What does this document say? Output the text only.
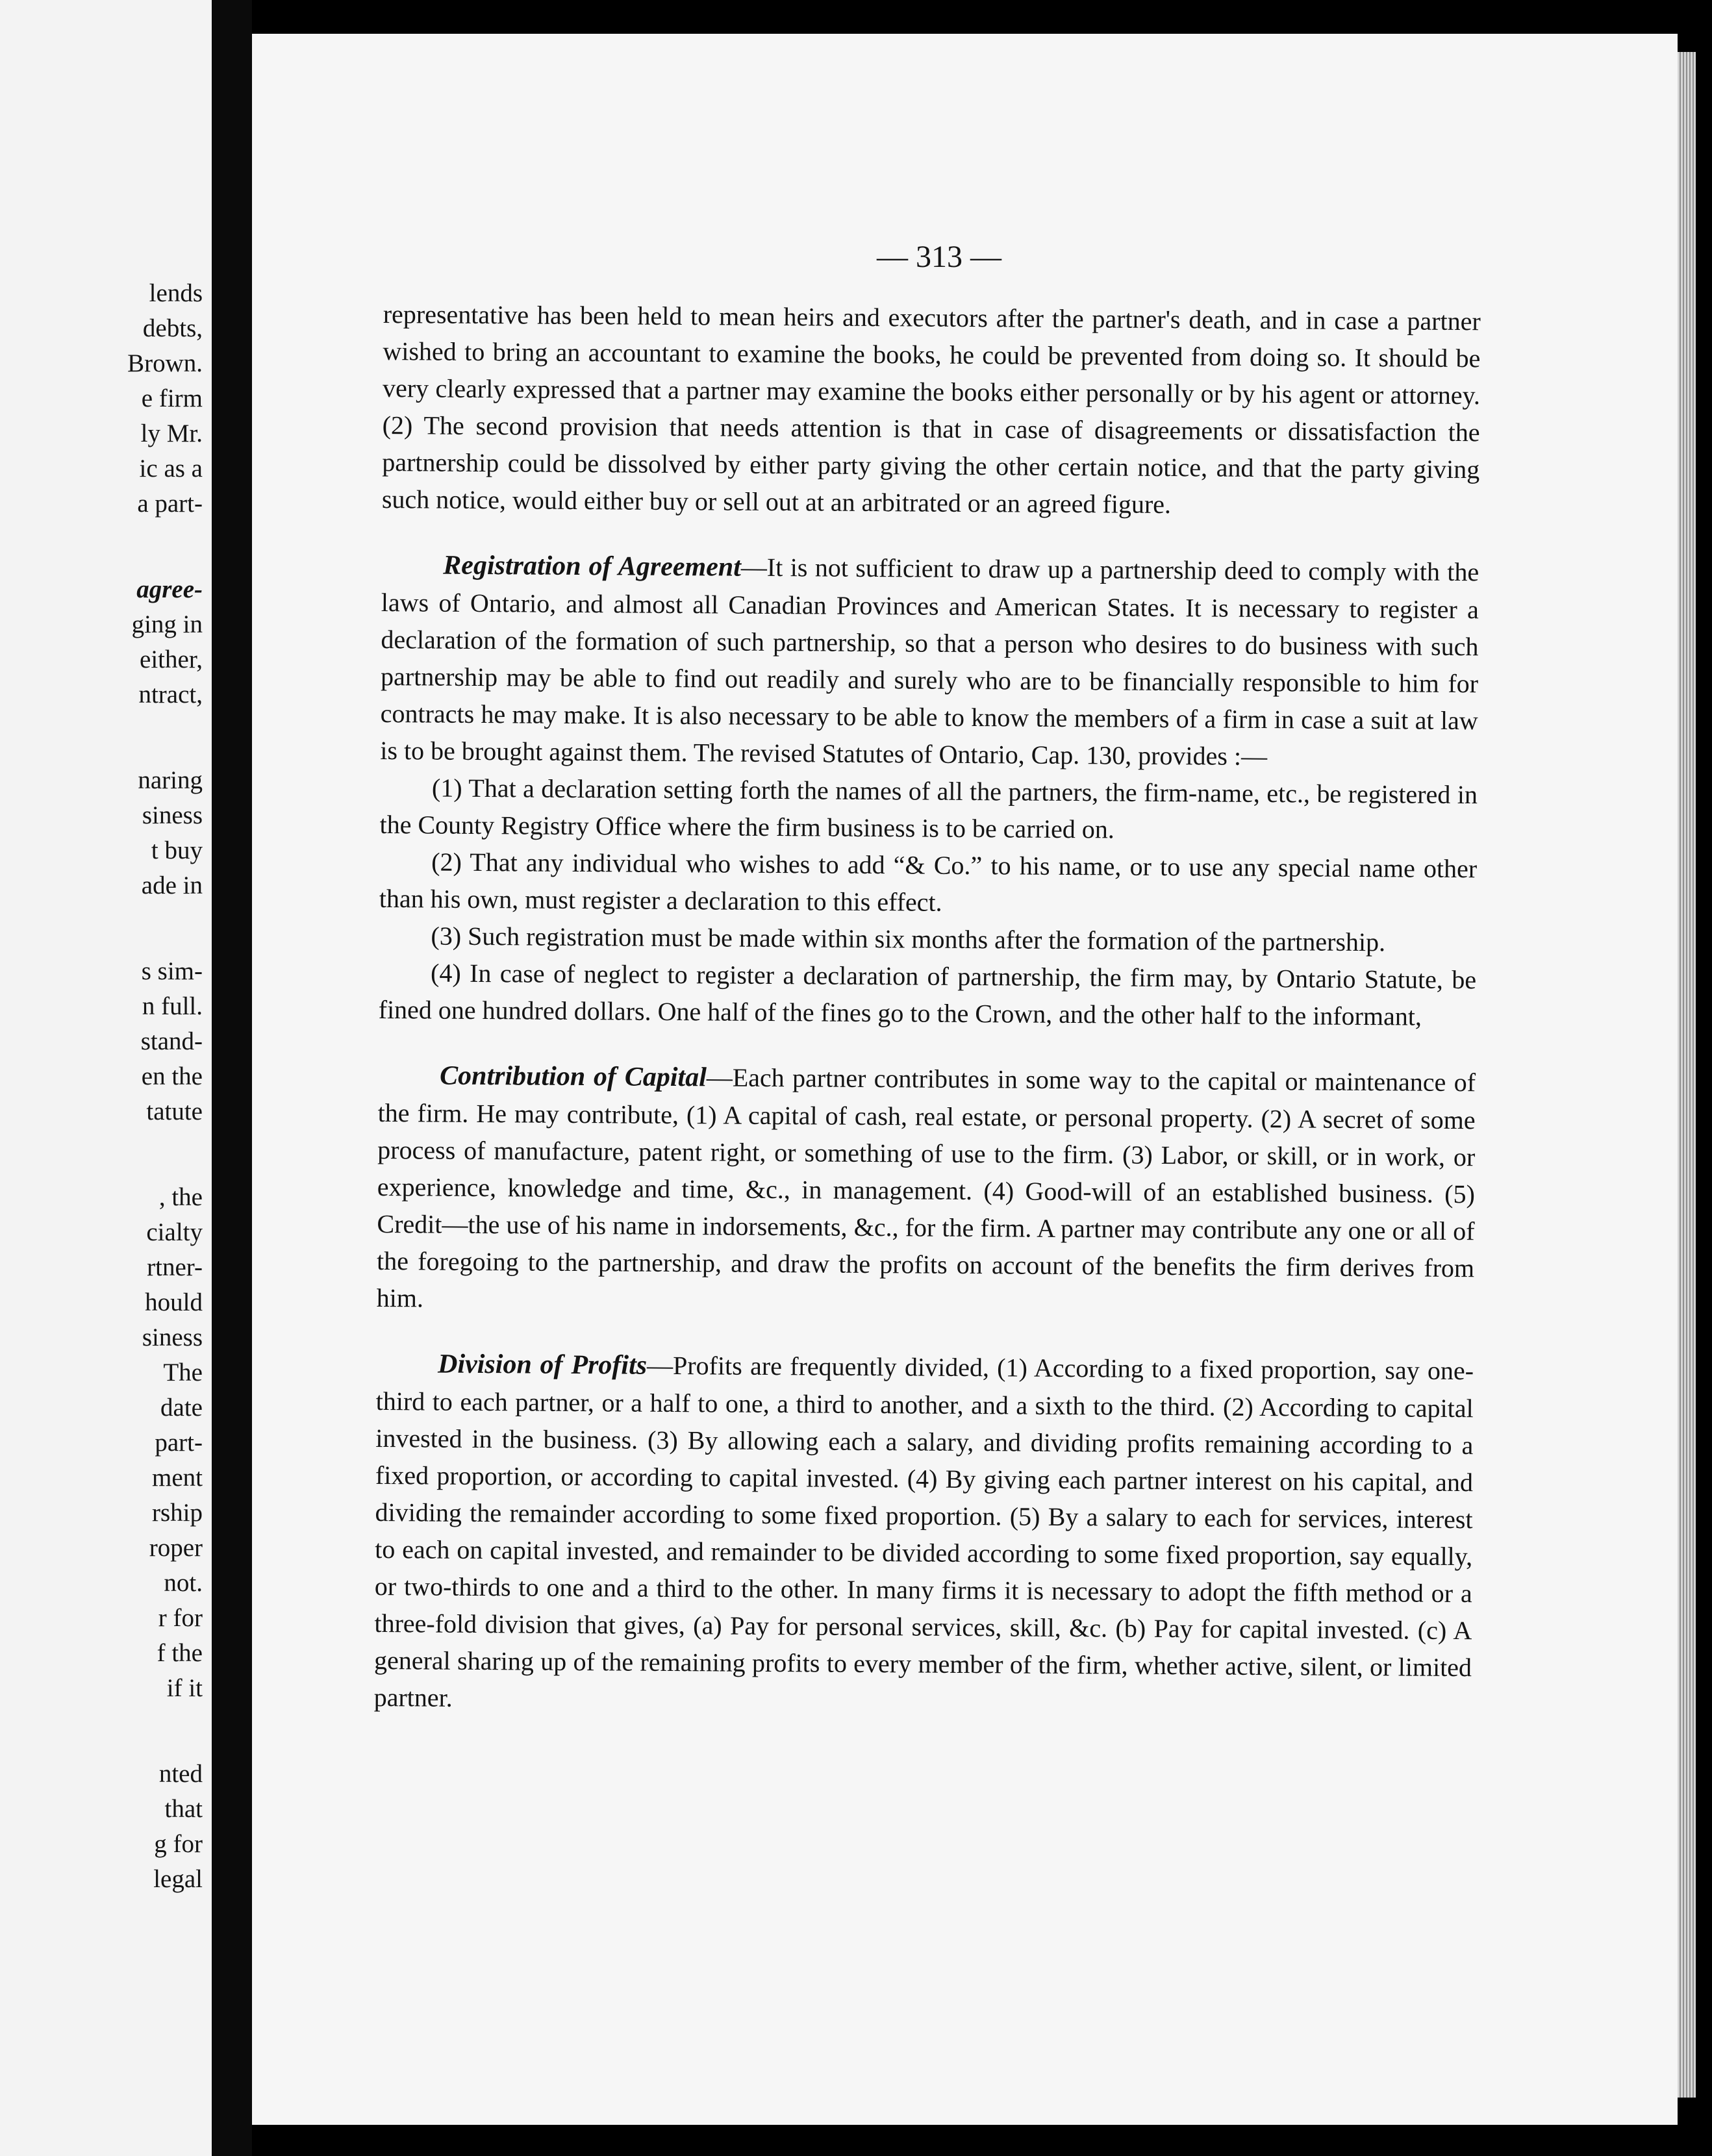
lends
debts,
Brown.
e firm
ly Mr.
ic as a
a part-
agree-
ging in
either,
ntract,
naring
siness
t buy
ade in
s sim-
n full.
stand-
en the
tatute
, the
cialty
rtner-
hould
siness
The
date
part-
ment
rship
roper
not.
r for
f the
if it
nted
that
g for
legal
— 313 —

representative has been held to mean heirs and executors after the partner's death, and in case a partner wished to bring an accountant to examine the books, he could be prevented from doing so. It should be very clearly expressed that a partner may examine the books either personally or by his agent or attorney. (2) The second provision that needs attention is that in case of disagreements or dissatisfaction the partnership could be dissolved by either party giving the other certain notice, and that the party giving such notice, would either buy or sell out at an arbitrated or an agreed figure.

Registration of Agreement—It is not sufficient to draw up a partnership deed to comply with the laws of Ontario, and almost all Canadian Provinces and American States. It is necessary to register a declaration of the formation of such partnership, so that a person who desires to do business with such partnership may be able to find out readily and surely who are to be financially responsible to him for contracts he may make. It is also necessary to be able to know the members of a firm in case a suit at law is to be brought against them. The revised Statutes of Ontario, Cap. 130, provides :—

(1) That a declaration setting forth the names of all the partners, the firm-name, etc., be registered in the County Registry Office where the firm business is to be carried on.

(2) That any individual who wishes to add “& Co.” to his name, or to use any special name other than his own, must register a declaration to this effect.

(3) Such registration must be made within six months after the formation of the partnership.

(4) In case of neglect to register a declaration of partnership, the firm may, by Ontario Statute, be fined one hundred dollars. One half of the fines go to the Crown, and the other half to the informant,

Contribution of Capital—Each partner contributes in some way to the capital or maintenance of the firm. He may contribute, (1) A capital of cash, real estate, or personal property. (2) A secret of some process of manufacture, patent right, or something of use to the firm. (3) Labor, or skill, or in work, or experience, knowledge and time, &c., in management. (4) Good-will of an established business. (5) Credit—the use of his name in indorsements, &c., for the firm. A partner may contribute any one or all of the foregoing to the partnership, and draw the profits on account of the benefits the firm derives from him.

Division of Profits—Profits are frequently divided, (1) According to a fixed proportion, say one-third to each partner, or a half to one, a third to another, and a sixth to the third. (2) According to capital invested in the business. (3) By allowing each a salary, and dividing profits remaining according to a fixed proportion, or according to capital invested. (4) By giving each partner interest on his capital, and dividing the remainder according to some fixed proportion. (5) By a salary to each for services, interest to each on capital invested, and remainder to be divided according to some fixed proportion, say equally, or two-thirds to one and a third to the other. In many firms it is necessary to adopt the fifth method or a three-fold division that gives, (a) Pay for personal services, skill, &c. (b) Pay for capital invested. (c) A general sharing up of the remaining profits to every member of the firm, whether active, silent, or limited partner.
